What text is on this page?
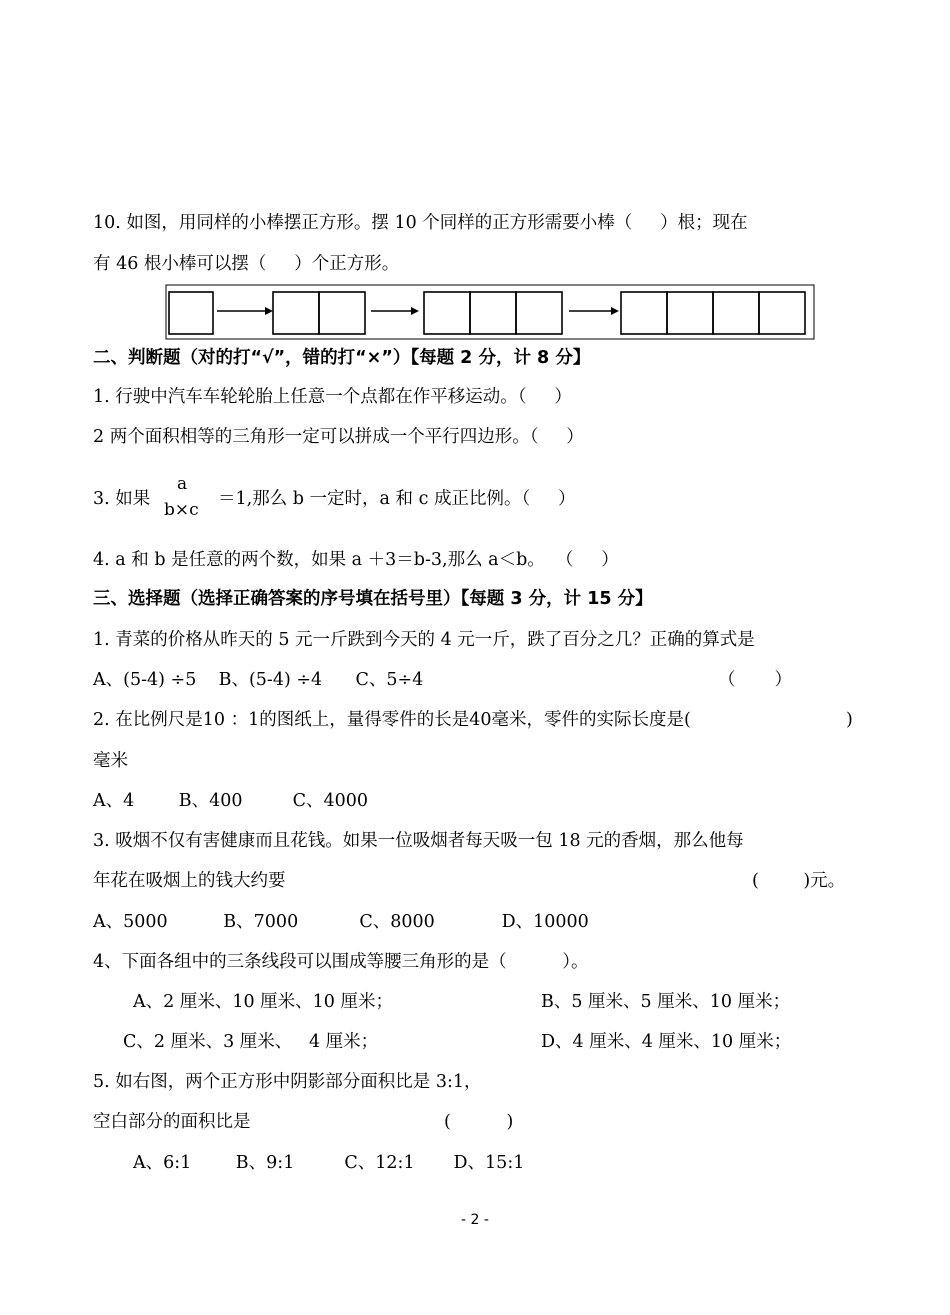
10. 如图，用同样的小棒摆正方形。摆 10 个同样的正方形需要小棒（     ）根；现在
有 46 根小棒可以摆（     ）个正方形。
二、判断题（对的打“√”，错的打“×”）【每题 2 分，计 8 分】
1. 行驶中汽车车轮轮胎上任意一个点都在作平移运动。（     ）
2 两个面积相等的三角形一定可以拼成一个平行四边形。（     ）
3. 如果
a
b×c
＝1,那么 b 一定时，a 和 c 成正比例。（     ）
4. a 和 b 是任意的两个数，如果 a ＋3＝b-3,那么 a＜b。  （     ）
三、选择题（选择正确答案的序号填在括号里）【每题 3 分，计 15 分】
1. 青菜的价格从昨天的 5 元一斤跌到今天的 4 元一斤，跌了百分之几？正确的算式是
A、(5-4) ÷5    B、(5-4) ÷4      C、5÷4	（       ）
2. 在比例尺是10 ：1的图纸上，量得零件的长是40毫米，零件的实际长度是(	)
毫米
A、4        B、400         C、4000
3. 吸烟不仅有害健康而且花钱。如果一位吸烟者每天吸一包 18 元的香烟，那么他每
年花在吸烟上的钱大约要	(        )元。
A、5000          B、7000           C、8000            D、10000
4、下面各组中的三条线段可以围成等腰三角形的是（          ）。
A、2 厘米、10 厘米、10 厘米；	B、5 厘米、5 厘米、10 厘米；
C、2 厘米、3 厘米、   4 厘米；	D、4 厘米、4 厘米、10 厘米；
5. 如右图，两个正方形中阴影部分面积比是 3:1，
空白部分的面积比是	(          )
A、6:1        B、9:1         C、12:1       D、15:1
- 2 -
